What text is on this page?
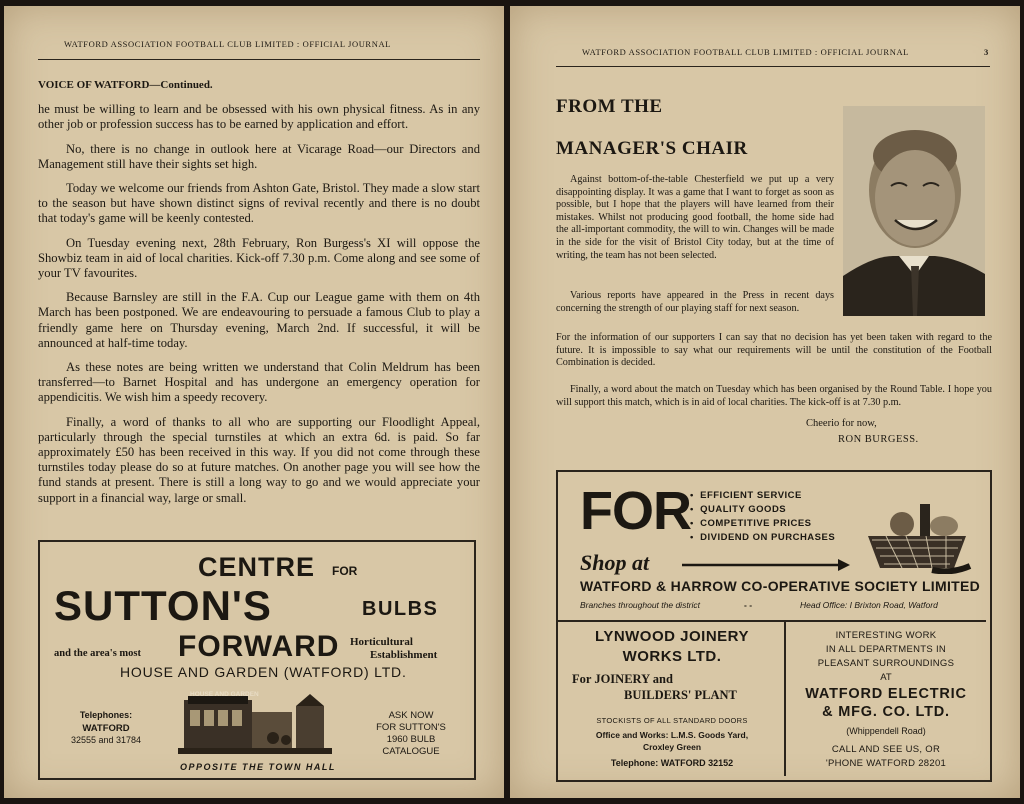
WATFORD ASSOCIATION FOOTBALL CLUB LIMITED : OFFICIAL JOURNAL

VOICE OF WATFORD—Continued.

he must be willing to learn and be obsessed with his own physical fitness. As in any other job or profession success has to be earned by application and effort.

No, there is no change in outlook here at Vicarage Road—our Directors and Management still have their sights set high.

Today we welcome our friends from Ashton Gate, Bristol. They made a slow start to the season but have shown distinct signs of revival recently and there is no doubt that today's game will be keenly contested.

On Tuesday evening next, 28th February, Ron Burgess's XI will oppose the Showbiz team in aid of local charities. Kick-off 7.30 p.m. Come along and see some of your TV favourites.

Because Barnsley are still in the F.A. Cup our League game with them on 4th March has been postponed. We are endeavouring to persuade a famous Club to play a friendly game here on Thursday evening, March 2nd. If successful, it will be announced at half-time today.

As these notes are being written we understand that Colin Meldrum has been transferred—to Barnet Hospital and has undergone an emergency operation for appendicitis. We wish him a speedy recovery.

Finally, a word of thanks to all who are supporting our Floodlight Appeal, particularly through the special turnstiles at which an extra 6d. is paid. So far approximately £50 has been received in this way. If you did not come through these turnstiles today please do so at future matches. On another page you will see how the fund stands at present. There is still a long way to go and we would appreciate your support in a financial way, large or small.

CENTRE FOR
SUTTON'S	BULBS
and the area's most FORWARD Horticultural
Establishment
HOUSE AND GARDEN (WATFORD) LTD.
Telephones:
WATFORD
32555 and 31784
HOUSE AND GARDEN
OPPOSITE THE TOWN HALL
ASK NOW
FOR SUTTON'S
1960 BULB
CATALOGUE
WATFORD ASSOCIATION FOOTBALL CLUB LIMITED : OFFICIAL JOURNAL	3
FROM THE
MANAGER'S CHAIR
Against bottom-of-the-table Chesterfield we put up a very disappointing display. It was a game that I want to forget as soon as possible, but I hope that the players will have learned from their mistakes. Whilst not producing good football, the home side had the all-important commodity, the will to win. Changes will be made in the side for the visit of Bristol City today, but at the time of writing, the team has not been selected.
Various reports have appeared in the Press in recent days concerning the strength of our playing staff for next season.
For the information of our supporters I can say that no decision has yet been taken with regard to the future. It is impossible to say what our requirements will be until the constitution of the Football Combination is decided.
Finally, a word about the match on Tuesday which has been organised by the Round Table. I hope you will support this match, which is in aid of local charities. The kick-off is at 7.30 p.m.
Cheerio for now,
RON BURGESS.
FOR •  EFFICIENT SERVICE
•  QUALITY GOODS
•  COMPETITIVE PRICES
•  DIVIDEND ON PURCHASES
Shop at
WATFORD & HARROW CO-OPERATIVE SOCIETY LIMITED
Branches throughout the district	- -	Head Office: I Brixton Road, Watford
LYNWOOD JOINERY
WORKS LTD.
For JOINERY and
BUILDERS' PLANT
STOCKISTS OF ALL STANDARD DOORS
Office and Works: L.M.S. Goods Yard,
Croxley Green
Telephone: WATFORD 32152
INTERESTING WORK
IN ALL DEPARTMENTS IN
PLEASANT SURROUNDINGS
AT
WATFORD ELECTRIC
& MFG. CO. LTD.
(Whippendell Road)
CALL AND SEE US, OR
'PHONE WATFORD 28201
